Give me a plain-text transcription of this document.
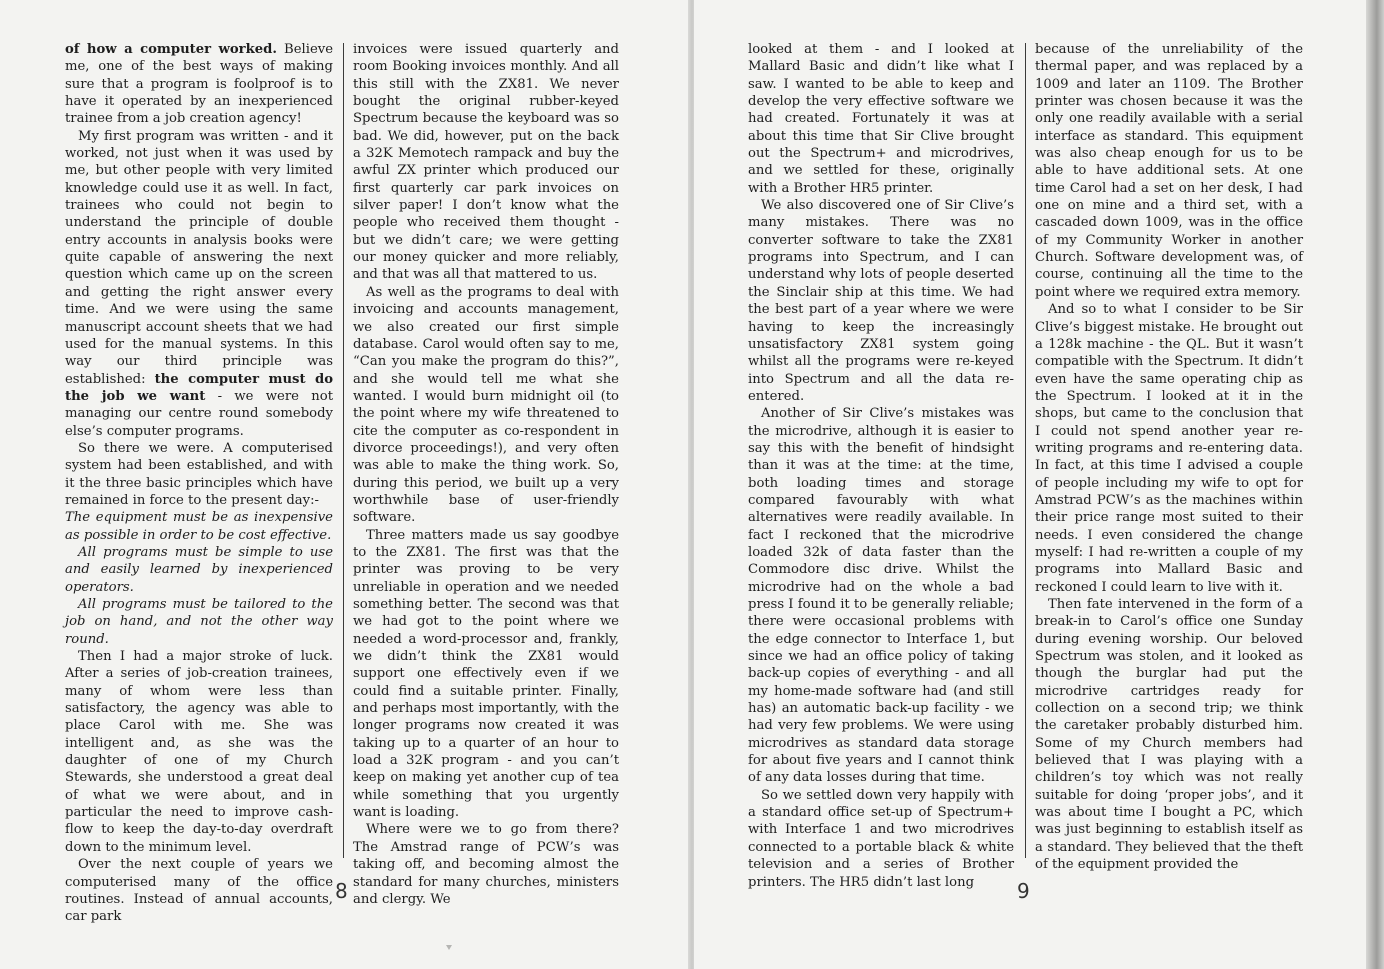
of how a computer worked. Believe me, one of the best ways of making sure that a program is foolproof is to have it operated by an inexperienced trainee from a job creation agency!

My first program was written - and it worked, not just when it was used by me, but other people with very limited knowledge could use it as well. In fact, trainees who could not begin to understand the principle of double entry accounts in analysis books were quite capable of answering the next question which came up on the screen and getting the right answer every time. And we were using the same manuscript account sheets that we had used for the manual systems. In this way our third principle was established: the computer must do the job we want - we were not managing our centre round somebody else’s computer programs.

So there we were. A computerised system had been established, and with it the three basic principles which have remained in force to the present day:-

The equipment must be as inexpensive as possible in order to be cost effective.

All programs must be simple to use and easily learned by inexperienced operators.

All programs must be tailored to the job on hand, and not the other way round.

Then I had a major stroke of luck. After a series of job-creation trainees, many of whom were less than satisfactory, the agency was able to place Carol with me. She was intelligent and, as she was the daughter of one of my Church Stewards, she understood a great deal of what we were about, and in particular the need to improve cash-flow to keep the day-to-day overdraft down to the minimum level.

Over the next couple of years we computerised many of the office routines. Instead of annual accounts, car park

invoices were issued quarterly and room Booking invoices monthly. And all this still with the ZX81. We never bought the original rubber-keyed Spectrum because the keyboard was so bad. We did, however, put on the back a 32K Memotech rampack and buy the awful ZX printer which produced our first quarterly car park invoices on silver paper! I don’t know what the people who received them thought - but we didn’t care; we were getting our money quicker and more reliably, and that was all that mattered to us.

As well as the programs to deal with invoicing and accounts management, we also created our first simple database. Carol would often say to me, “Can you make the program do this?”, and she would tell me what she wanted. I would burn midnight oil (to the point where my wife threatened to cite the computer as co-respondent in divorce proceedings!), and very often was able to make the thing work. So, during this period, we built up a very worthwhile base of user-friendly software.

Three matters made us say goodbye to the ZX81. The first was that the printer was proving to be very unreliable in operation and we needed something better. The second was that we had got to the point where we needed a word-processor and, frankly, we didn’t think the ZX81 would support one effectively even if we could find a suitable printer. Finally, and perhaps most importantly, with the longer programs now created it was taking up to a quarter of an hour to load a 32K program - and you can’t keep on making yet another cup of tea while something that you urgently want is loading.

Where were we to go from there? The Amstrad range of PCW’s was taking off, and becoming almost the standard for many churches, ministers and clergy. We

8

looked at them - and I looked at Mallard Basic and didn’t like what I saw. I wanted to be able to keep and develop the very effective software we had created. Fortunately it was at about this time that Sir Clive brought out the Spectrum+ and microdrives, and we settled for these, originally with a Brother HR5 printer.

We also discovered one of Sir Clive’s many mistakes. There was no converter software to take the ZX81 programs into Spectrum, and I can understand why lots of people deserted the Sinclair ship at this time. We had the best part of a year where we were having to keep the increasingly unsatisfactory ZX81 system going whilst all the programs were re-keyed into Spectrum and all the data re-entered.

Another of Sir Clive’s mistakes was the microdrive, although it is easier to say this with the benefit of hindsight than it was at the time: at the time, both loading times and storage compared favourably with what alternatives were readily available. In fact I reckoned that the microdrive loaded 32k of data faster than the Commodore disc drive. Whilst the microdrive had on the whole a bad press I found it to be generally reliable; there were occasional problems with the edge connector to Interface 1, but since we had an office policy of taking back-up copies of everything - and all my home-made software had (and still has) an automatic back-up facility - we had very few problems. We were using microdrives as standard data storage for about five years and I cannot think of any data losses during that time.

So we settled down very happily with a standard office set-up of Spectrum+ with Interface 1 and two microdrives connected to a portable black & white television and a series of Brother printers. The HR5 didn’t last long

because of the unreliability of the thermal paper, and was replaced by a 1009 and later an 1109. The Brother printer was chosen because it was the only one readily available with a serial interface as standard. This equipment was also cheap enough for us to be able to have additional sets. At one time Carol had a set on her desk, I had one on mine and a third set, with a cascaded down 1009, was in the office of my Community Worker in another Church. Software development was, of course, continuing all the time to the point where we required extra memory.

And so to what I consider to be Sir Clive’s biggest mistake. He brought out a 128k machine - the QL. But it wasn’t compatible with the Spectrum. It didn’t even have the same operating chip as the Spectrum. I looked at it in the shops, but came to the conclusion that I could not spend another year re-writing programs and re-entering data. In fact, at this time I advised a couple of people including my wife to opt for Amstrad PCW’s as the machines within their price range most suited to their needs. I even considered the change myself: I had re-written a couple of my programs into Mallard Basic and reckoned I could learn to live with it.

Then fate intervened in the form of a break-in to Carol’s office one Sunday during evening worship. Our beloved Spectrum was stolen, and it looked as though the burglar had put the microdrive cartridges ready for collection on a second trip; we think the caretaker probably disturbed him. Some of my Church members had believed that I was playing with a children’s toy which was not really suitable for doing ‘proper jobs’, and it was about time I bought a PC, which was just beginning to establish itself as a standard. They believed that the theft of the equipment provided the

9
